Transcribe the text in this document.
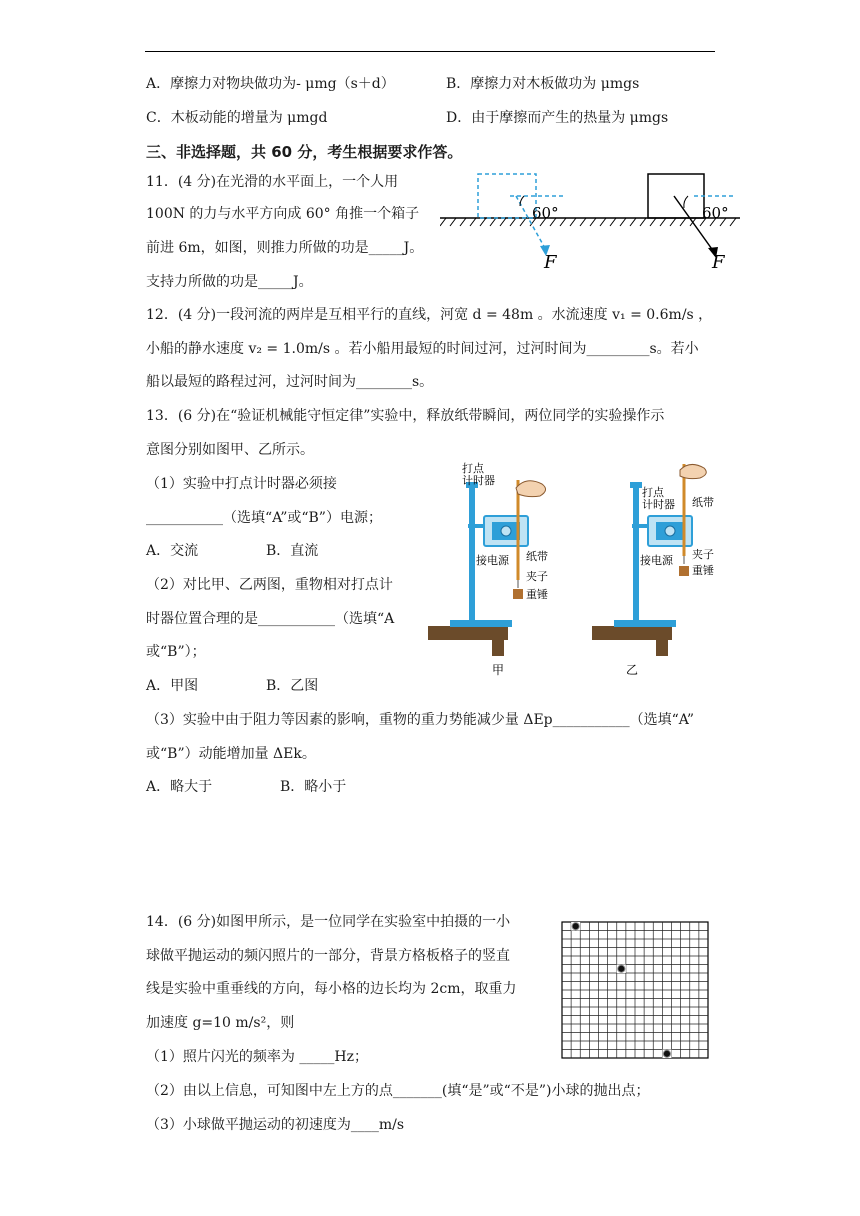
A．摩擦力对物块做功为- μmg（s＋d）	B．摩擦力对木板做功为 μmgs
C．木板动能的增量为 μmgd	D．由于摩擦而产生的热量为 μmgs
三、非选择题，共 60 分，考生根据要求作答。
11．(4 分)在光滑的水平面上，一个人用
100N 的力与水平方向成 60° 角推一个箱子
前进 6m，如图，则推力所做的功是_____J。
支持力所做的功是_____J。
60°
F
60°
F
12．(4 分)一段河流的两岸是互相平行的直线，河宽 d = 48m 。水流速度 v₁ = 0.6m/s ，
小船的静水速度 v₂ = 1.0m/s 。若小船用最短的时间过河，过河时间为_________s。若小
船以最短的路程过河，过河时间为________s。
13．(6 分)在“验证机械能守恒定律”实验中，释放纸带瞬间，两位同学的实验操作示
意图分别如图甲、乙所示。
（1）实验中打点计时器必须接
___________（选填“A”或“B”）电源；
A．交流	B．直流
（2）对比甲、乙两图，重物相对打点计
时器位置合理的是___________（选填“A
或“B”）；
A．甲图	B．乙图
（3）实验中由于阻力等因素的影响，重物的重力势能减少量 ΔEp___________（选填“A”
或“B”）动能增加量 ΔEk。
A．略大于	B．略小于
打点
计时器
接电源 纸带
夹子
重锤
甲
打点
计时器
接电源
纸带
夹子
重锤
乙
14．(6 分)如图甲所示，是一位同学在实验室中拍摄的一小
球做平抛运动的频闪照片的一部分，背景方格板格子的竖直
线是实验中重垂线的方向，每小格的边长均为 2cm，取重力
加速度 g=10 m/s²，则
（1）照片闪光的频率为 _____Hz；
（2）由以上信息，可知图中左上方的点_______(填“是”或“不是”)小球的抛出点；
（3）小球做平抛运动的初速度为____m/s
